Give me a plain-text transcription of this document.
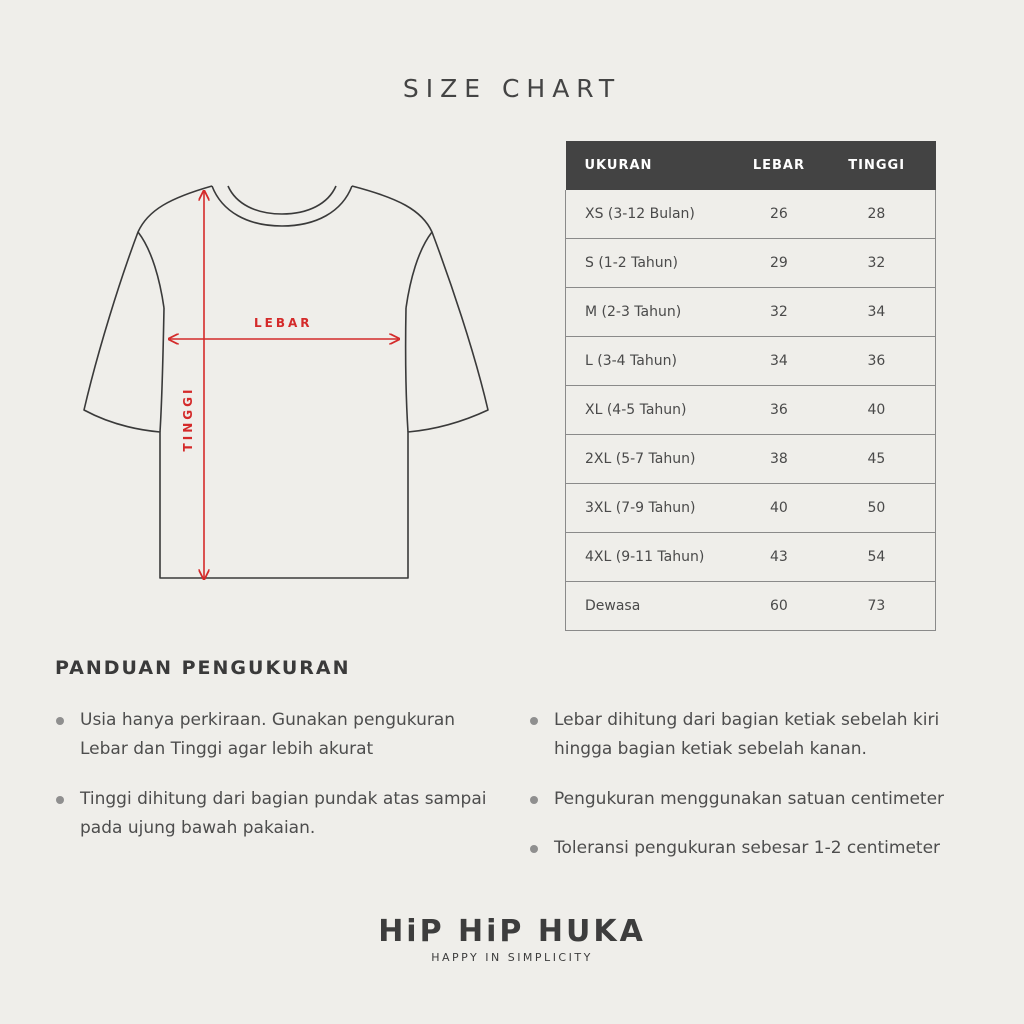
SIZE CHART
LEBAR
TINGGI
UKURAN	LEBAR	TINGGI
XS (3-12 Bulan)	26	28
S (1-2 Tahun)	29	32
M (2-3 Tahun)	32	34
L (3-4 Tahun)	34	36
XL (4-5 Tahun)	36	40
2XL (5-7 Tahun)	38	45
3XL (7-9 Tahun)	40	50
4XL (9-11 Tahun)	43	54
Dewasa	60	73
PANDUAN PENGUKURAN
Usia hanya perkiraan. Gunakan pengukuran Lebar dan Tinggi agar lebih akurat
Tinggi dihitung dari bagian pundak atas sampai pada ujung bawah pakaian.
Lebar dihitung dari bagian ketiak sebelah kiri hingga bagian ketiak sebelah kanan.
Pengukuran menggunakan satuan centimeter
Toleransi pengukuran sebesar 1-2 centimeter
HiP HiP HUKA
HAPPY IN SIMPLICITY
